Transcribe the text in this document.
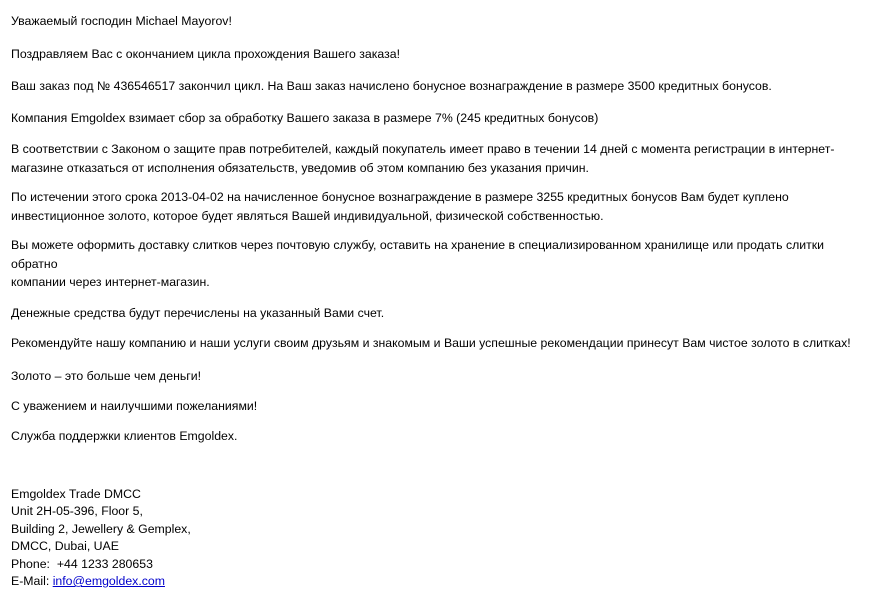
Уважаемый господин Michael Mayorov!

Поздравляем Вас с окончанием цикла прохождения Вашего заказа!

Ваш заказ под № 436546517 закончил цикл. На Ваш заказ начислено бонусное вознаграждение в размере 3500 кредитных бонусов.

Компания Emgoldex взимает сбор за обработку Вашего заказа в размере 7% (245 кредитных бонусов)

В соответствии с Законом о защите прав потребителей, каждый покупатель имеет право в течении 14 дней с момента регистрации в интернет-
магазине отказаться от исполнения обязательств, уведомив об этом компанию без указания причин.
По истечении этого срока 2013-04-02 на начисленное бонусное вознаграждение в размере 3255 кредитных бонусов Вам будет куплено
инвестиционное золото, которое будет являться Вашей индивидуальной, физической собственностью.
Вы можете оформить доставку слитков через почтовую службу, оставить на хранение в специализированном хранилище или продать слитки обратно
компании через интернет-магазин.

Денежные средства будут перечислены на указанный Вами счет.

Рекомендуйте нашу компанию и наши услуги своим друзьям и знакомым и Ваши успешные рекомендации принесут Вам чистое золото в слитках!

Золото – это больше чем деньги!

С уважением и наилучшими пожеланиями!

Служба поддержки клиентов Emgoldex.

Emgoldex Trade DMCC

Unit 2H-05-396, Floor 5,

Building 2, Jewellery & Gemplex,

DMCC, Dubai, UAE

Phone: +44 1233 280653

E-Mail: info@emgoldex.com
